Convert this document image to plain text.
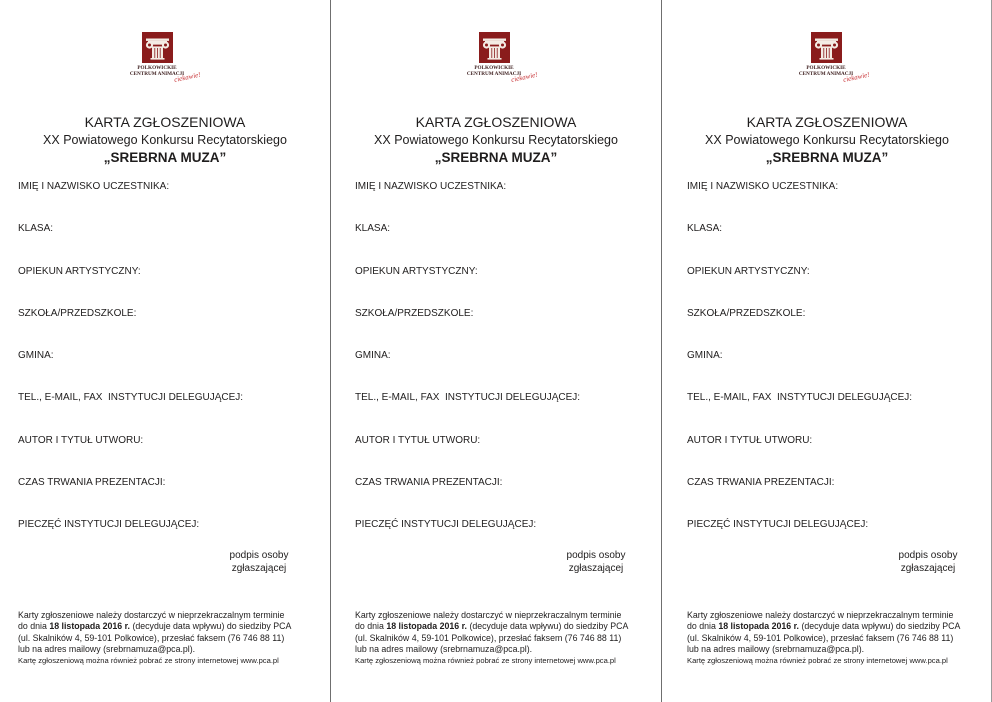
POLKOWICKIE
CENTRUM ANIMACJI
ciekawie!
KARTA ZGŁOSZENIOWA
XX Powiatowego Konkursu Recytatorskiego
„SREBRNA MUZA”
IMIĘ I NAZWISKO UCZESTNIKA:
KLASA:
OPIEKUN ARTYSTYCZNY:
SZKOŁA/PRZEDSZKOLE:
GMINA:
TEL., E-MAIL, FAX  INSTYTUCJI DELEGUJĄCEJ:
AUTOR I TYTUŁ UTWORU:
CZAS TRWANIA PREZENTACJI:
PIECZĘĆ INSTYTUCJI DELEGUJĄCEJ:
podpis osoby
zgłaszającej
Karty zgłoszeniowe należy dostarczyć w nieprzekraczalnym terminie
do dnia 18 listopada 2016 r. (decyduje data wpływu) do siedziby PCA
(ul. Skalników 4, 59-101 Polkowice), przesłać faksem (76 746 88 11)
lub na adres mailowy (srebrnamuza@pca.pl).
Kartę zgłoszeniową można również pobrać ze strony internetowej www.pca.pl
POLKOWICKIE
CENTRUM ANIMACJI
ciekawie!
KARTA ZGŁOSZENIOWA
XX Powiatowego Konkursu Recytatorskiego
„SREBRNA MUZA”
IMIĘ I NAZWISKO UCZESTNIKA:
KLASA:
OPIEKUN ARTYSTYCZNY:
SZKOŁA/PRZEDSZKOLE:
GMINA:
TEL., E-MAIL, FAX  INSTYTUCJI DELEGUJĄCEJ:
AUTOR I TYTUŁ UTWORU:
CZAS TRWANIA PREZENTACJI:
PIECZĘĆ INSTYTUCJI DELEGUJĄCEJ:
podpis osoby
zgłaszającej
Karty zgłoszeniowe należy dostarczyć w nieprzekraczalnym terminie
do dnia 18 listopada 2016 r. (decyduje data wpływu) do siedziby PCA
(ul. Skalników 4, 59-101 Polkowice), przesłać faksem (76 746 88 11)
lub na adres mailowy (srebrnamuza@pca.pl).
Kartę zgłoszeniową można również pobrać ze strony internetowej www.pca.pl
POLKOWICKIE
CENTRUM ANIMACJI
ciekawie!
KARTA ZGŁOSZENIOWA
XX Powiatowego Konkursu Recytatorskiego
„SREBRNA MUZA”
IMIĘ I NAZWISKO UCZESTNIKA:
KLASA:
OPIEKUN ARTYSTYCZNY:
SZKOŁA/PRZEDSZKOLE:
GMINA:
TEL., E-MAIL, FAX  INSTYTUCJI DELEGUJĄCEJ:
AUTOR I TYTUŁ UTWORU:
CZAS TRWANIA PREZENTACJI:
PIECZĘĆ INSTYTUCJI DELEGUJĄCEJ:
podpis osoby
zgłaszającej
Karty zgłoszeniowe należy dostarczyć w nieprzekraczalnym terminie
do dnia 18 listopada 2016 r. (decyduje data wpływu) do siedziby PCA
(ul. Skalników 4, 59-101 Polkowice), przesłać faksem (76 746 88 11)
lub na adres mailowy (srebrnamuza@pca.pl).
Kartę zgłoszeniową można również pobrać ze strony internetowej www.pca.pl
